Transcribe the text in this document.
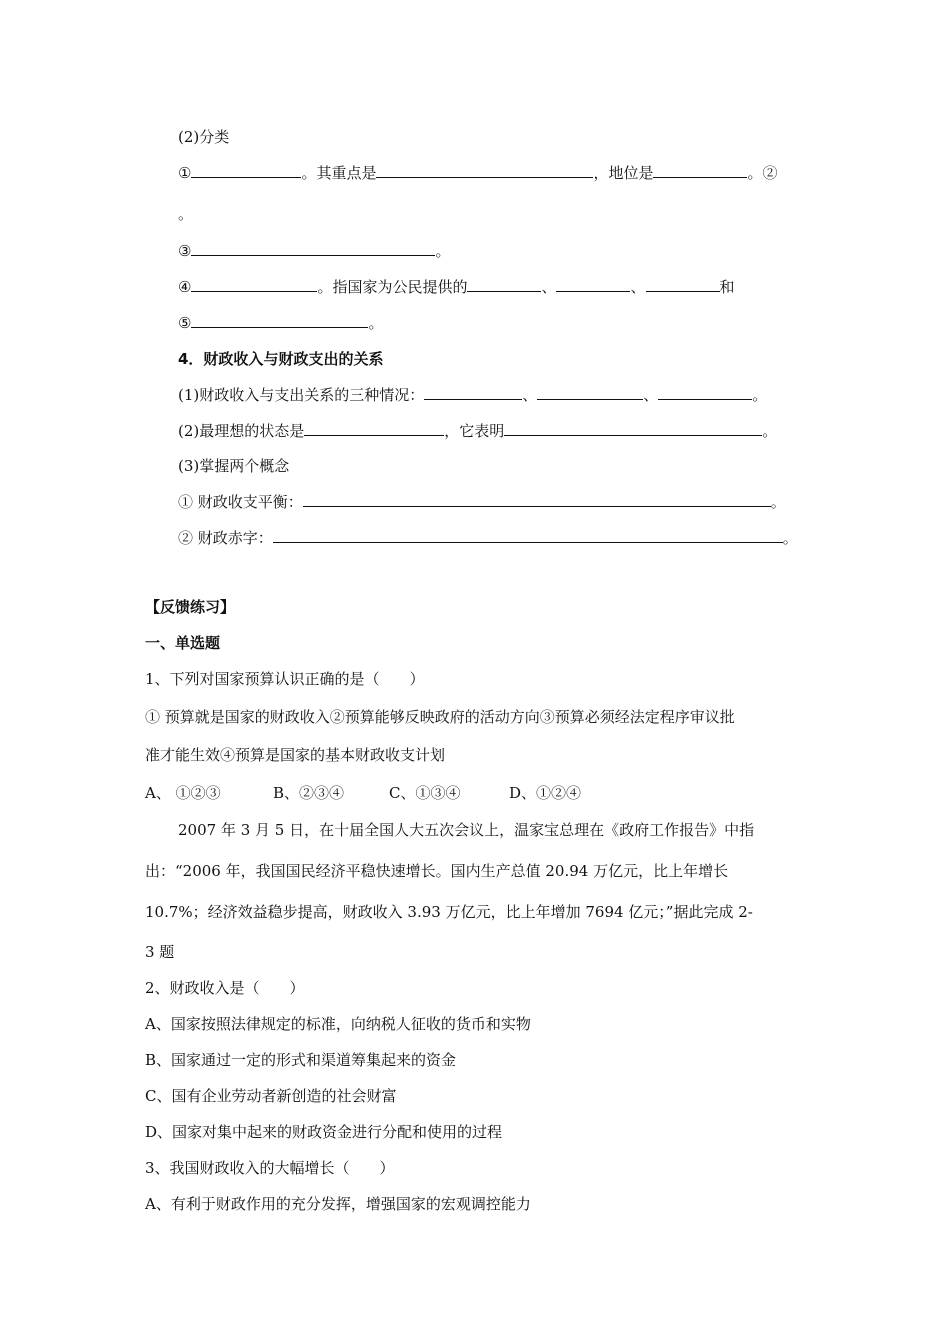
(2)分类
①	。其重点是	，地位是	。②
。
③	。
④	。指国家为公民提供的	、	、	和
⑤	。
4．财政收入与财政支出的关系
(1)财政收入与支出关系的三种情况：	、	、	。
(2)最理想的状态是	，它表明	。
(3)掌握两个概念
① 财政收支平衡：	。
② 财政赤字：	。
【反馈练习】
一、单选题
1、下列对国家预算认识正确的是（　　）
① 预算就是国家的财政收入②预算能够反映政府的活动方向③预算必须经法定程序审议批
准才能生效④预算是国家的基本财政收支计划
A、 ①②③	B、②③④	C、①③④	D、①②④
2007 年 3 月 5 日，在十届全国人大五次会议上，温家宝总理在《政府工作报告》中指
出：“2006 年，我国国民经济平稳快速增长。国内生产总值 20.94 万亿元，比上年增长
10.7%；经济效益稳步提高，财政收入 3.93 万亿元，比上年增加 7694 亿元；”据此完成 2-
3 题
2、财政收入是（　　）
A、国家按照法律规定的标准，向纳税人征收的货币和实物
B、国家通过一定的形式和渠道筹集起来的资金
C、国有企业劳动者新创造的社会财富
D、国家对集中起来的财政资金进行分配和使用的过程
3、我国财政收入的大幅增长（　　）
A、有利于财政作用的充分发挥，增强国家的宏观调控能力
